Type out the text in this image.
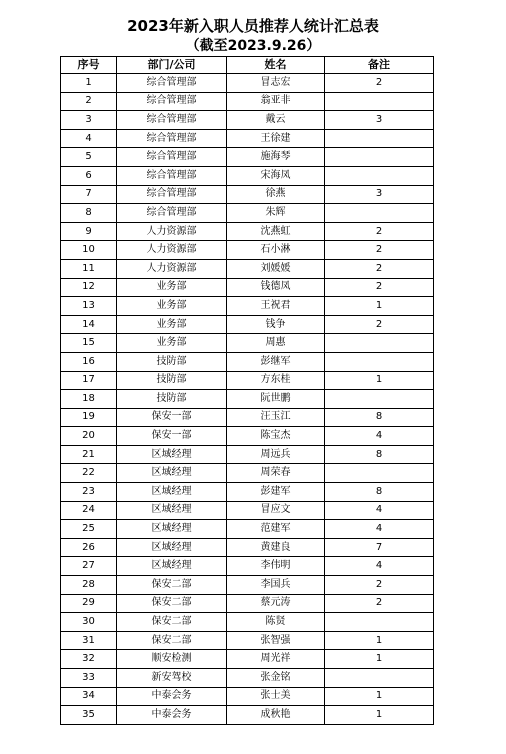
2023年新入职人员推荐人统计汇总表
（截至2023.9.26）
序号	部门/公司	姓名	备注
1	综合管理部	冒志宏	2
2	综合管理部	翁亚非	
3	综合管理部	戴云	3
4	综合管理部	王徐建	
5	综合管理部	施海琴	
6	综合管理部	宋海凤	
7	综合管理部	徐燕	3
8	综合管理部	朱辉	
9	人力资源部	沈燕虹	2
10	人力资源部	石小淋	2
11	人力资源部	刘媛媛	2
12	业务部	钱德凤	2
13	业务部	王祝君	1
14	业务部	钱争	2
15	业务部	周惠	
16	技防部	彭继军	
17	技防部	方东桂	1
18	技防部	阮世鹏	
19	保安一部	汪玉江	8
20	保安一部	陈宝杰	4
21	区域经理	周远兵	8
22	区域经理	周荣春	
23	区域经理	彭建军	8
24	区域经理	冒应文	4
25	区域经理	范建军	4
26	区域经理	黄建良	7
27	区域经理	李伟明	4
28	保安二部	李国兵	2
29	保安二部	蔡元涛	2
30	保安二部	陈贤	
31	保安二部	张智强	1
32	顺安检测	周光祥	1
33	新安驾校	张金铭	
34	中泰会务	张士美	1
35	中泰会务	成秋艳	1
